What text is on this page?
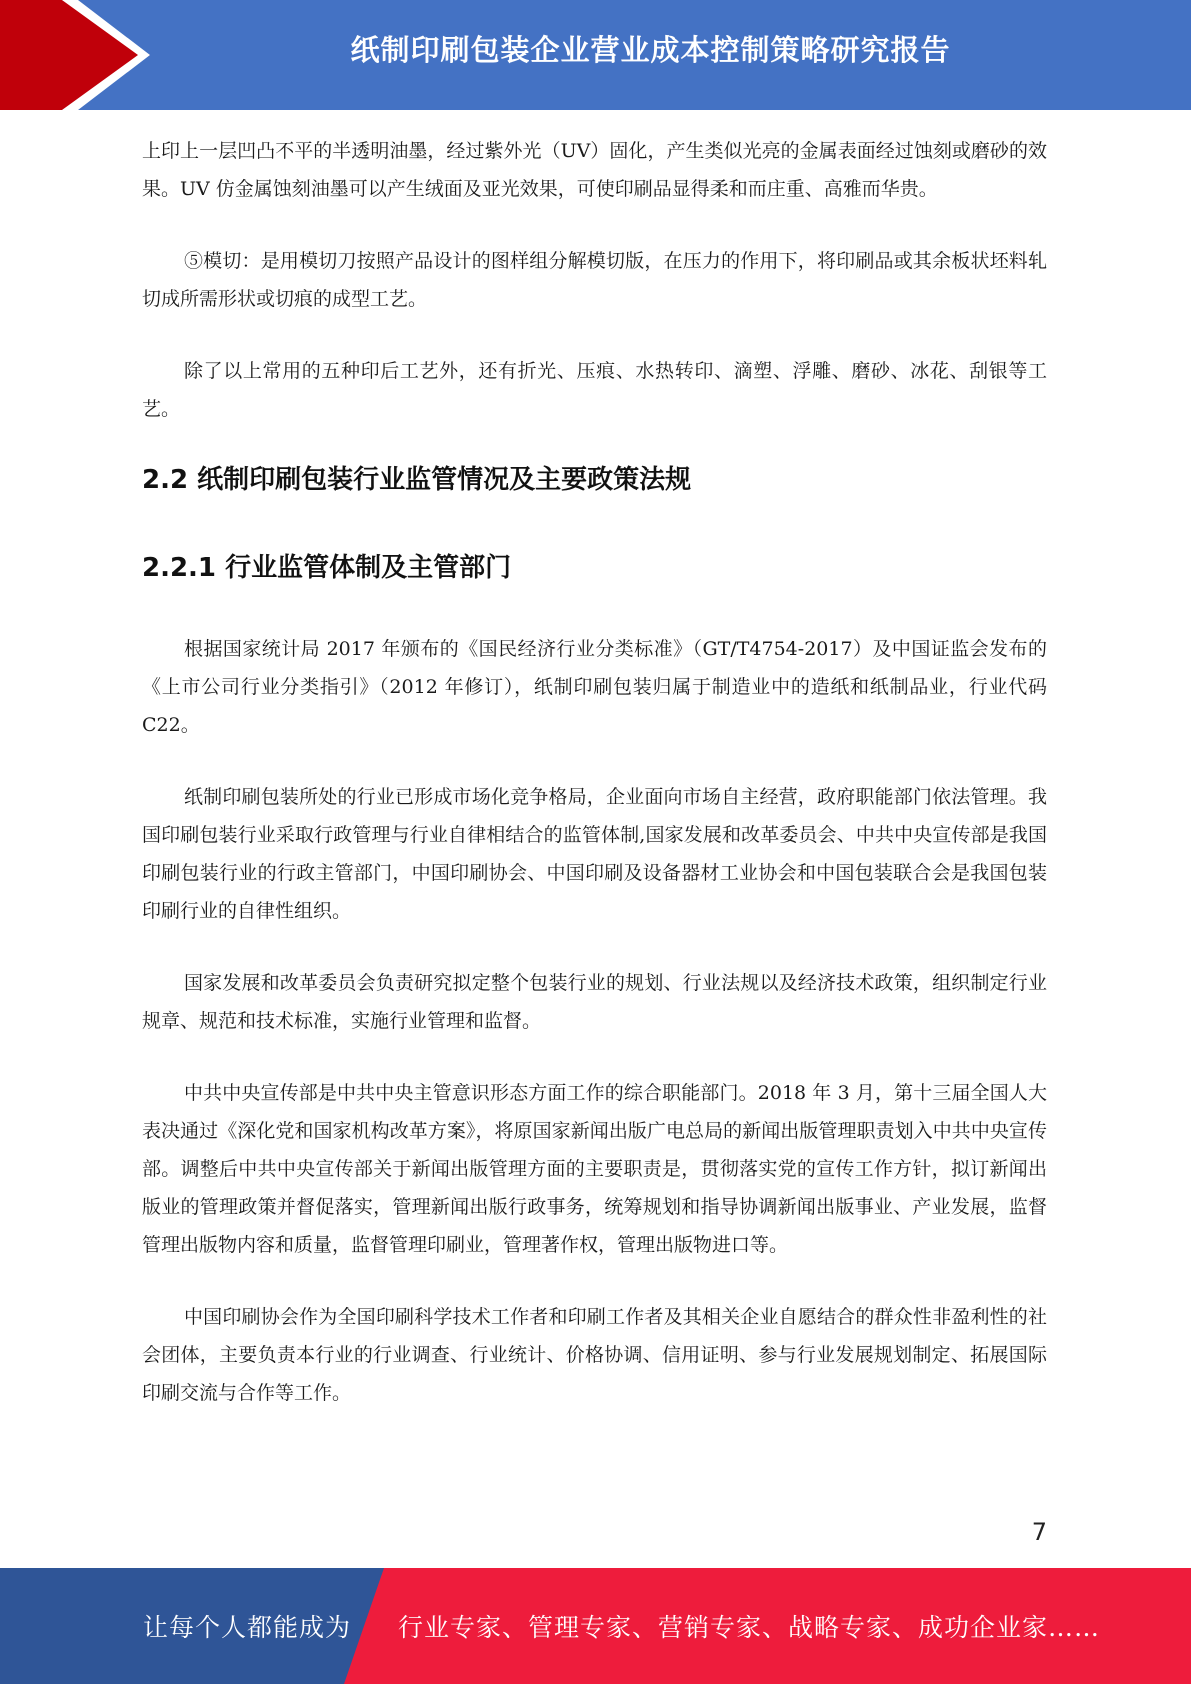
纸制印刷包装企业营业成本控制策略研究报告

上印上一层凹凸不平的半透明油墨，经过紫外光（UV）固化，产生类似光亮的金属表面经过蚀刻或磨砂的效果。UV 仿金属蚀刻油墨可以产生绒面及亚光效果，可使印刷品显得柔和而庄重、高雅而华贵。

⑤模切：是用模切刀按照产品设计的图样组分解模切版，在压力的作用下，将印刷品或其余板状坯料轧切成所需形状或切痕的成型工艺。

除了以上常用的五种印后工艺外，还有折光、压痕、水热转印、滴塑、浮雕、磨砂、冰花、刮银等工艺。

2.2 纸制印刷包装行业监管情况及主要政策法规
2.2.1 行业监管体制及主管部门

根据国家统计局 2017 年颁布的《国民经济行业分类标准》（GT/T4754-2017）及中国证监会发布的《上市公司行业分类指引》（2012 年修订），纸制印刷包装归属于制造业中的造纸和纸制品业，行业代码 C22。

纸制印刷包装所处的行业已形成市场化竞争格局，企业面向市场自主经营，政府职能部门依法管理。我国印刷包装行业采取行政管理与行业自律相结合的监管体制,国家发展和改革委员会、中共中央宣传部是我国印刷包装行业的行政主管部门，中国印刷协会、中国印刷及设备器材工业协会和中国包装联合会是我国包装印刷行业的自律性组织。

国家发展和改革委员会负责研究拟定整个包装行业的规划、行业法规以及经济技术政策，组织制定行业规章、规范和技术标准，实施行业管理和监督。

中共中央宣传部是中共中央主管意识形态方面工作的综合职能部门。2018 年 3 月，第十三届全国人大表决通过《深化党和国家机构改革方案》，将原国家新闻出版广电总局的新闻出版管理职责划入中共中央宣传部。调整后中共中央宣传部关于新闻出版管理方面的主要职责是，贯彻落实党的宣传工作方针，拟订新闻出版业的管理政策并督促落实，管理新闻出版行政事务，统筹规划和指导协调新闻出版事业、产业发展，监督管理出版物内容和质量，监督管理印刷业，管理著作权，管理出版物进口等。

中国印刷协会作为全国印刷科学技术工作者和印刷工作者及其相关企业自愿结合的群众性非盈利性的社会团体，主要负责本行业的行业调查、行业统计、价格协调、信用证明、参与行业发展规划制定、拓展国际印刷交流与合作等工作。

7
让每个人都能成为 行业专家、管理专家、营销专家、战略专家、成功企业家……
